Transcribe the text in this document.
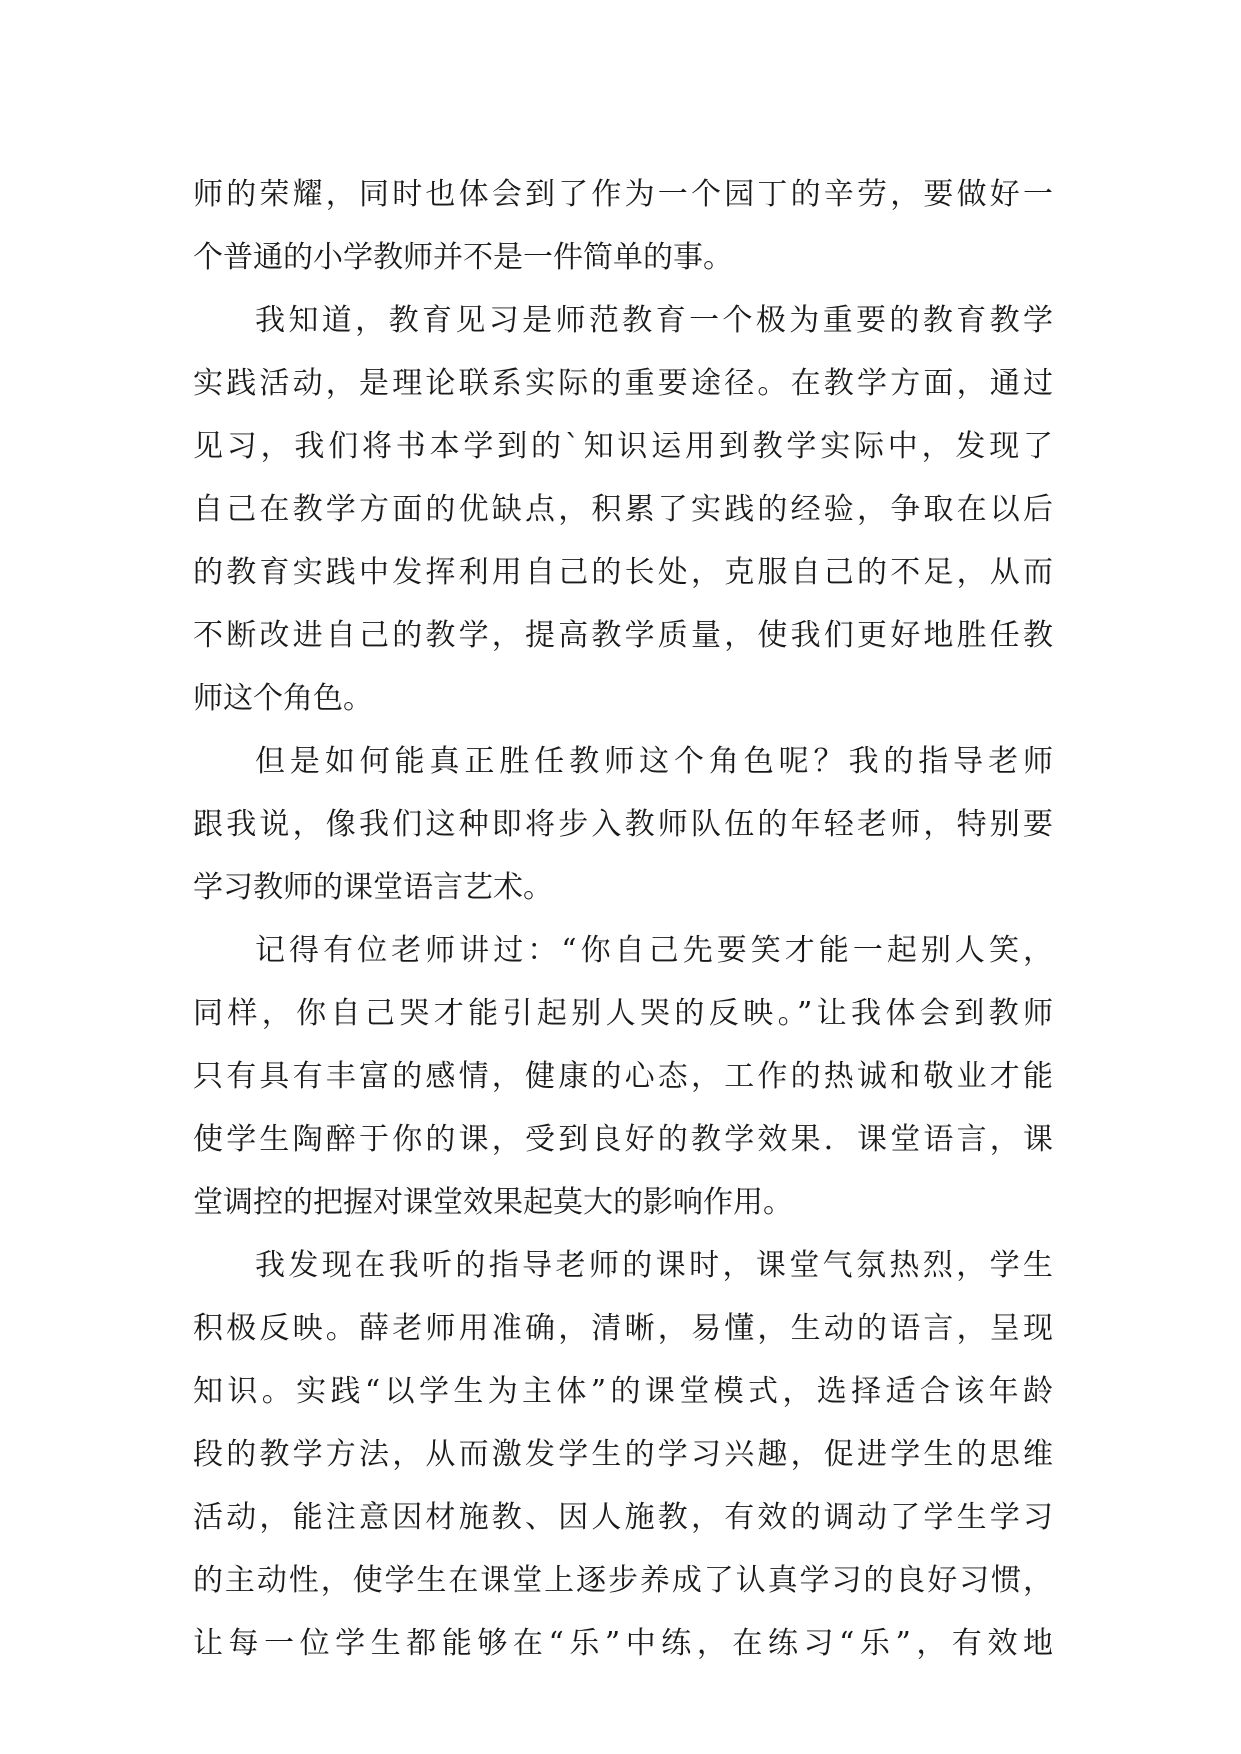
师的荣耀，同时也体会到了作为一个园丁的辛劳，要做好一
个普通的小学教师并不是一件简单的事。
我知道，教育见习是师范教育一个极为重要的教育教学
实践活动，是理论联系实际的重要途径。在教学方面，通过
见习，我们将书本学到的`知识运用到教学实际中，发现了
自己在教学方面的优缺点，积累了实践的经验，争取在以后
的教育实践中发挥利用自己的长处，克服自己的不足，从而
不断改进自己的教学，提高教学质量，使我们更好地胜任教
师这个角色。
但是如何能真正胜任教师这个角色呢？我的指导老师
跟我说，像我们这种即将步入教师队伍的年轻老师，特别要
学习教师的课堂语言艺术。
记得有位老师讲过：“你自己先要笑才能一起别人笑，
同样，你自己哭才能引起别人哭的反映。”让我体会到教师
只有具有丰富的感情，健康的心态，工作的热诚和敬业才能
使学生陶醉于你的课，受到良好的教学效果．课堂语言，课
堂调控的把握对课堂效果起莫大的影响作用。
我发现在我听的指导老师的课时，课堂气氛热烈，学生
积极反映。薛老师用准确，清晰，易懂，生动的语言，呈现
知识。实践“以学生为主体”的课堂模式，选择适合该年龄
段的教学方法，从而激发学生的学习兴趣，促进学生的思维
活动，能注意因材施教、因人施教，有效的调动了学生学习
的主动性，使学生在课堂上逐步养成了认真学习的良好习惯，
让每一位学生都能够在“乐”中练，在练习“乐”，有效地
